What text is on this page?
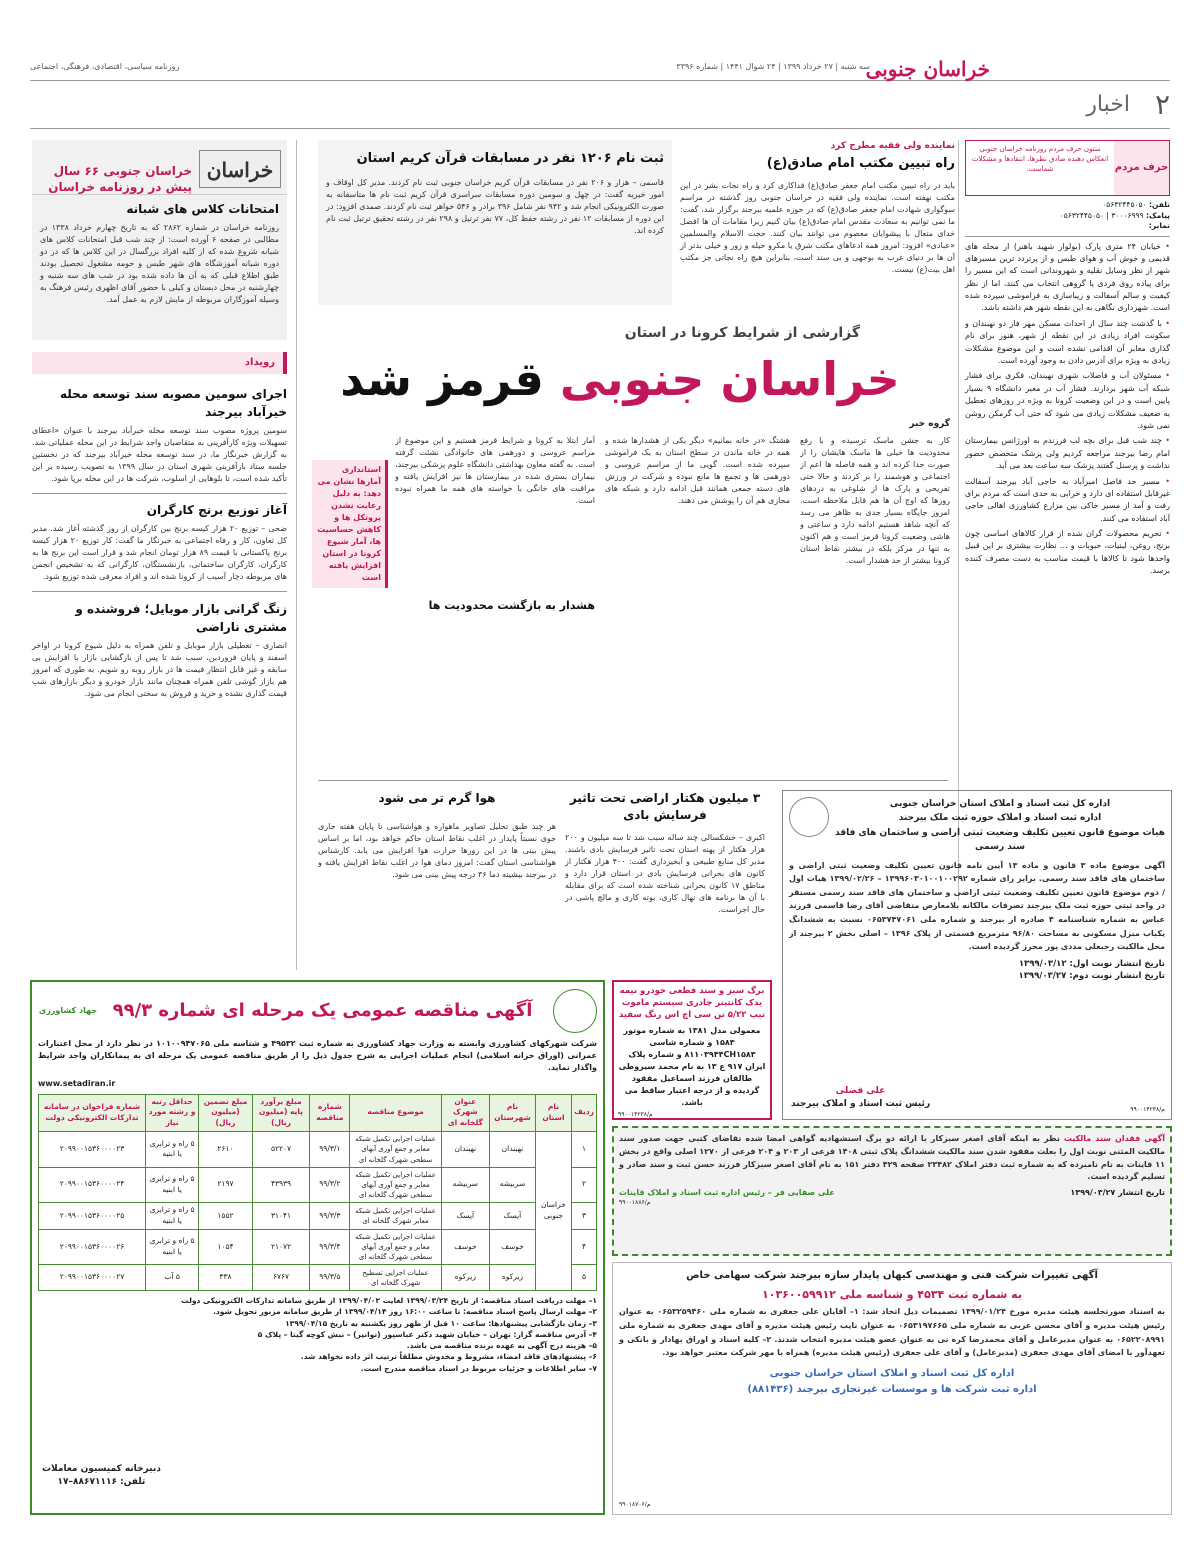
سه شنبه | ۲۷ خرداد ۱۳۹۹ | ۲۴ شوال ۱۴۴۱ | شماره ۳۳۹۶
خراسان جنوبی
روزنامه سیاسی، اقتصادی، فرهنگی، اجتماعی
۲
اخبار
حرف مردم
ستون حرف مردم روزنامه خراسان جنوبی انعکاس دهنده صادق نظرها، انتقادها و مشکلات شماست.
تلفن: ۰۵۶۳۲۴۴۵۰۵۰
پیامک: ۳۰۰۰۶۹۹۹ | ۰۵۶۳۲۴۴۵۰۵۰
نمابر:
• خیابان ۲۴ متری پارک (بولوار شهید باهنر) از محله های قدیمی و خوش آب و هوای طبس و از پرتردد ترین مسیرهای شهر از نظر وسایل نقلیه و شهروندانی است که این مسیر را برای پیاده روی فردی یا گروهی انتخاب می کنند، اما از نظر کیفیت و سالم آسفالت و زیباسازی به فراموشی سپرده شده است. شهرداری نگاهی به این نقطه شهر هم داشته باشد.
• با گذشت چند سال از احداث مسکن مهر فاز دو نهبندان و سکونت افراد زیادی در این نقطه از شهر، هنوز برای نام گذاری معابر آن اقدامی نشده است و این موضوع مشکلات زیادی به ویژه برای آدرس دادن به وجود آورده است.
• مسئولان آب و فاضلاب شهری نهبندان، فکری برای فشار شبکه آب شهر بردارند. فشار آب در معبر دانشگاه ۹ بسیار پایین است و در این وضعیت کرونا به ویژه در روزهای تعطیل به ضعیف مشکلات زیادی می شود که حتی آب گرمکن روشن نمی شود.
• چند شب قبل برای بچه لب فرزندم به اورژانس بیمارستان امام رضا بیرجند مراجعه کردیم ولی پزشک متخصص حضور نداشت و پرسنل گفتند پزشک سه ساعت بعد می آید.
• مسیر حد فاصل امیرآباد به حاجی آباد بیرجند آسفالت غیرقابل استفاده ای دارد و خرابی به حدی است که مردم برای رفت و آمد از مسیر خاکی بین مزارع کشاورزی اهالی حاجی آباد استفاده می کنند.
• تحریم محصولات گران شده از قرار کالاهای اساسی چون برنج، روغن، لبنیات، حبوبات و … نظارت بیشتری بر این قبیل واحدها شود تا کالاها با قیمت مناسب به دست مصرف کننده برسد.
نماینده ولی فقیه مطرح کرد
راه تبیین مکتب امام صادق(ع)
باید در راه تبیین مکتب امام جعفر صادق(ع) فداکاری کرد و راه نجات بشر در این مکتب نهفته است. نماینده ولی فقیه در خراسان جنوبی روز گذشته در مراسم سوگواری شهادت امام جعفر صادق(ع) که در حوزه علمیه بیرجند برگزار شد، گفت: ما نمی توانیم به سعادت مقدس امام صادق(ع) بیان کنیم زیرا مقامات آن ها افضل خدای متعال با پیشوایان معصوم می توانند بیان کنند. حجت الاسلام والمسلمین «عبادی» افزود: امروز همه ادعاهای مکتب شرق یا مکرو حیله و زور و خیلی بدتر از آن ها بر دنیای غرب به بوجهی و بی سند است، بنابراین هیچ راه نجاتی جز مکتب اهل بیت(ع) نیست.
ثبت نام ۱۲۰۶ نفر در مسابقات قرآن کریم استان
قاسمی – هزار و ۲۰۶ نفر در مسابقات قرآن کریم خراسان جنوبی ثبت نام کردند. مدیر کل اوقاف و امور خیریه گفت: در چهل و سومین دوره مسابقات سراسری قرآن کریم ثبت نام ها متاسفانه به صورت الکترونیکی انجام شد و ۹۴۲ نفر شامل ۳۹۶ برادر و ۵۴۶ خواهر ثبت نام کردند. صمدی افزود: در این دوره از مسابقات ۱۲ نفر در رشته حفظ کل، ۷۷ نفر ترتیل و ۲۹۸ نفر در رشته تحقیق ترتیل ثبت نام کرده اند.
خراسان
خراسان جنوبی ۶۶ سال پیش در روزنامه خراسان
امتحانات کلاس های شبانه
روزنامه خراسان در شماره ۲۸۶۲ که به تاریخ چهارم خرداد ۱۳۳۸ در مطالبی در صفحه ۶ آورده است: از چند شب قبل امتحانات کلاس های شبانه شروع شده که از کلیه افراد بزرگسال در این کلاس ها که در دو دوره شبانه آموزشگاه های شهر طبس و حومه مشغول تحصیل بودند طبق اطلاع قبلی که به آن ها داده شده بود در شب های سه شنبه و چهارشنبه در محل دبستان و کیلی با حضور آقای اظهری رئیس فرهنگ به وسیله آموزگاران مربوطه از مایش لازم به عمل آمد.
رویداد
اجرای سومین مصوبه سند توسعه محله خیرآباد بیرجند
سومین پروژه مصوب سند توسعه محله خیرآباد بیرجند با عنوان «اعطای تسهیلات ویژه کارآفرینی به متقاضیان واجد شرایط در این محله عملیاتی شد. به گزارش خبرنگار ما، در سند توسعه محله خیرآباد بیرجند که در نخستین جلسه ستاد بازآفرینی شهری استان در سال ۱۳۹۹ به تصویب رسیده بر این تأکید شده است، تا بلوهایی از اسلوب، شرکت ها در این محله برپا شود.
آغاز توزیع برنج کارگران
ضحی – توزیع ۲۰ هزار کیسه برنج بین کارگران از روز گذشته آغاز شد. مدیر کل تعاون، کار و رفاه اجتماعی به خبرنگار ما گفت: کار توزیع ۲۰ هزار کیسه برنج پاکستانی با قیمت ۸۹ هزار تومان انجام شد و قرار است این برنج ها به کارگران، کارگران ساختمانی، بازنشستگان، کارگرانی که به تشخیص انجمن های مربوطه دچار آسیب از کرونا شده اند و افراد معرفی شده توزیع شود.
زنگ گرانی بازار موبایل؛ فروشنده و مشتری ناراضی
انصاری – تعطیلی بازار موبایل و تلفن همراه به دلیل شیوع کرونا در اواخر اسفند و پایان فروردین، سبب شد تا پس از بازگشایی بازار با افزایش بی سابقه و غیر قابل انتظار قیمت ها در بازار روبه رو شویم. به طوری که امروز هم بازار گوشی تلفن همراه همچنان مانند بازار خودرو و دیگر بازارهای شب قیمت گذاری نشده و خرید و فروش به سختی انجام می شود.
گزارشی از شرایط کرونا در استان
خراسان جنوبی قرمز شد
گروه خبر
کار به جشن ماسک ترسیده و با رفع محدودیت ها خیلی ها ماسک هایشان را از صورت جدا کرده اند و همه فاصله ها اعم از اجتماعی و هوشمند را بر کردند و حالا حتی تفریحی و پارک ها از شلوغی به دردهای روزها که اوج آن ها هم قابل ملاحظه است. امروز جایگاه بسیار جدی به ظاهر می رسد که آنچه شاهد هستیم ادامه دارد و ساعتی و هاشی وضعیت کرونا قرمز است و هم اکنون به تنها در مرکز بلکه در بیشتر نقاط استان کرونا بیشتر از حد هشدار است.
هشتگ «در خانه بمانیم» دیگر یکی از هشدارها شده و همه در خانه ماندن در سطح استان به یک فراموشی سپرده شده است. گویی ما از مراسم عروسی و دورهمی ها و تجمع ها مانع نبوده و شرکت در ورزش های دسته جمعی همانند قبل ادامه دارد و شبکه های مجازی هم آن را پوشش می دهند.
آمار ابتلا به کرونا و شرایط قرمز هستیم و این موضوع از مراسم عروسی و دورهمی های خانوادگی نشئت گرفته است. به گفته معاون بهداشتی دانشگاه علوم پزشکی بیرجند، بیماران بستری شده در بیمارستان ها نیز افزایش یافته و مراقبت های خانگی با خواسته های همه ما همراه نبوده است.
هشدار به بازگشت محدودیت ها
استانداری آمارها نشان می دهد: به دلیل رعایت نشدن پروتکل ها و کاهش حساسیت ها، آمار شیوع کرونا در استان افزایش یافته است
۳ میلیون هکتار اراضی تحت تاثیر فرسایش بادی
اکبری – خشکسالی چند ساله سبب شد تا سه میلیون و ۲۰۰ هزار هکتار از پهنه استان تحت تاثیر فرسایش بادی باشند. مدیر کل منابع طبیعی و آبخیزداری گفت: ۴۰۰ هزار هکتار از کانون های بحرانی فرسایش بادی در استان قرار دارد و مناطق ۱۷ کانون بحرانی شناخته شده است که برای مقابله با آن ها برنامه های نهال کاری، بوته کاری و مالچ پاشی در حال اجراست.
هوا گرم تر می شود
هر چند طبق تحلیل تصاویر ماهواره و هواشناسی تا پایان هفته جاری جوی نسبتاً پایدار در اغلب نقاط استان حاکم خواهد بود، اما بر اساس پیش بینی ها در این روزها حرارت هوا افزایش می یابد. کارشناس هواشناسی استان گفت: امروز دمای هوا در اغلب نقاط افزایش یافته و در بیرجند بیشینه دما ۳۶ درجه پیش بینی می شود.
اداره کل ثبت اسناد و املاک استان خراسان جنوبی
اداره ثبت اسناد و املاک حوزه ثبت ملک بیرجند
هیات موضوع قانون تعیین تکلیف وضعیت ثبتی اراضی و ساختمان های فاقد سند رسمی
آگهی موضوع ماده ۳ قانون و ماده ۱۳ آیین نامه قانون تعیین تکلیف وضعیت ثبتی اراضی و ساختمان های فاقد سند رسمی. برابر رای شماره ۱۳۹۹۶۰۳۰۱۰۰۱۰۰۲۹۲ – ۱۳۹۹/۰۲/۲۶ هیات اول / دوم موضوع قانون تعیین تکلیف وضعیت ثبتی اراضی و ساختمان های فاقد سند رسمی مستقر در واحد ثبتی حوزه ثبت ملک بیرجند تصرفات مالکانه بلامعارض متقاضی آقای رضا قاسمی فرزند عباس به شماره شناسنامه ۴ صادره از بیرجند و شماره ملی ۰۶۵۳۷۴۷۰۶۱ نسبت به ششدانگ یکباب منزل مسکونی به مساحت ۹۶/۸۰ مترمربع قسمتی از پلاک ۱۳۹۶ – اصلی بخش ۲ بیرجند از محل مالکیت رجبعلی مددی پور محرز گردیده است.
تاریخ انتشار نوبت اول: ۱۳۹۹/۰۳/۱۲
تاریخ انتشار نوبت دوم: ۱۳۹۹/۰۳/۲۷
علی فضلی
رئیس ثبت اسناد و املاک بیرجند
م/۹۹۰۰۱۴۲۳۸
برگ سبز و سند قطعی خودرو نیمه یدک کانتینر چادری سیستم ماموت تیپ ۵/۲۲ تن سی اچ اس رنگ سفید
معمولی مدل ۱۳۸۱ به شماره موتور ۱۵۸۳ و شماره شاسی ۸۱۱۰۳۹۴۴CH۱۵۸۳ و شماره پلاک ایران ۹۱۷ ع ۱۳ به نام محمد سیروطی طالقان فرزند اسماعیل مفقود گردیده و از درجه اعتبار ساقط می باشد.
م/۹۹۰۰۱۴۲۳۸
آگهی مناقصه عمومی یک مرحله ای شماره ۹۹/۳
جهاد کشاورزی
شرکت شهرکهای کشاورزی وابسته به وزارت جهاد کشاورزی به شماره ثبت ۴۹۵۳۲ و شناسه ملی ۱۰۱۰۰۹۴۷۰۶۵ در نظر دارد از محل اعتبارات عمرانی (اوراق خزانه اسلامی) انجام عملیات اجرایی به شرح جدول ذیل را از طریق مناقصه عمومی یک مرحله ای به پیمانکاران واجد شرایط واگذار نماید.
www.setadiran.ir
ردیف	نام استان	نام شهرستان	عنوان شهرک گلخانه ای	موضوع مناقصه	شماره مناقصه	مبلغ برآورد پایه (میلیون ریال)	مبلغ تضمین (میلیون ریال)	حداقل رتبه و رشته مورد نیاز	شماره فراخوان در سامانه تدارکات الکترونیکی دولت
۱	خراسان جنوبی	نهبندان	نهبندان	عملیات اجرایی تکمیل شبکه معابر و جمع آوری آبهای سطحی شهرک گلخانه ای	۹۹/۳/۱	۵۲۲۰۷	۲۶۱۰	۵ راه و ترابری یا ابنیه	۲۰۹۹۰۰۱۵۳۶۰۰۰۰۲۳
۲		سربیشه	سربیشه	عملیات اجرایی تکمیل شبکه معابر و جمع آوری آبهای سطحی شهرک گلخانه ای	۹۹/۳/۲	۴۳۹۳۹	۲۱۹۷	۵ راه و ترابری یا ابنیه	۲۰۹۹۰۰۱۵۳۶۰۰۰۰۲۴
۳		آیسک	آیسک	عملیات اجرایی تکمیل شبکه معابر شهرک گلخانه ای	۹۹/۳/۳	۳۱۰۴۱	۱۵۵۲	۵ راه و ترابری یا ابنیه	۲۰۹۹۰۰۱۵۳۶۰۰۰۰۲۵
۴		خوسف	خوسف	عملیات اجرایی تکمیل شبکه معابر و جمع آوری آبهای سطحی شهرک گلخانه ای	۹۹/۳/۴	۲۱۰۷۲	۱۰۵۴	۵ راه و ترابری یا ابنیه	۲۰۹۹۰۰۱۵۳۶۰۰۰۰۲۶
۵		زیرکوه	زیرکوه	عملیات اجرایی تسطیح شهرک گلخانه ای	۹۹/۳/۵	۶۷۶۷	۳۳۸	۵ آب	۲۰۹۹۰۰۱۵۳۶۰۰۰۰۲۷
۱– مهلت دریافت اسناد مناقصه: از تاریخ ۱۳۹۹/۰۳/۲۴ لغایت ۱۳۹۹/۰۴/۰۲ از طریق سامانه تدارکات الکترونیکی دولت
۲– مهلت ارسال پاسخ اسناد مناقصه: تا ساعت ۱۶:۰۰ روز ۱۳۹۹/۰۴/۱۴ از طریق سامانه مزبور تحویل شود.
۳– زمان بازگشایی پیشنهادها: ساعت ۱۰ قبل از ظهر روز یکشنبه به تاریخ ۱۳۹۹/۰۴/۱۵
۴– آدرس مناقصه گزار: تهران – خیابان شهید دکتر عباسپور (توانیر) – نبش کوچه گیتا – پلاک ۵
۵– هزینه درج آگهی به عهده برنده مناقصه می باشد.
۶– پیشنهادهای فاقد امضاء، مشروط و مخدوش مطلقاً ترتیب اثر داده نخواهد شد.
۷– سایر اطلاعات و جزئیات مربوط در اسناد مناقصه مندرج است.
دبیرخانه کمیسیون معاملات
تلفن: ۸۸۶۷۱۱۱۶–۱۷
آگهی فقدان سند مالکیت نظر به اینکه آقای اصغر سبزکار با ارائه دو برگ استشهادیه گواهی امضا شده تقاضای کتبی جهت صدور سند مالکیت المثنی نوبت اول را بعلت مفقود شدن سند مالکیت ششدانگ پلاک ثبتی ۱۴۰۸ فرعی از ۲۰۳ و ۲۰۴ فرعی از ۱۲۷۰ اصلی واقع در بخش ۱۱ قاینات به نام نامبرده که به شماره ثبت دفتر املاک ۲۳۴۸۲ صفحه ۴۲۹ دفتر ۱۵۱ به نام آقای اصغر سبزکار فرزند حسن ثبت و سند صادر و تسلیم گردیده است.
تاریخ انتشار ۱۳۹۹/۰۳/۲۷
علی صفایی فر – رئیس اداره ثبت اسناد و املاک قاینات
م/۹۹۰۰۱۸۸۶
آگهی تغییرات شرکت فنی و مهندسی کیهان پایدار سازه بیرجند شرکت سهامی خاص
به شماره ثبت ۴۵۳۴ و شناسه ملی ۱۰۳۶۰۰۵۹۹۱۲
به استناد صورتجلسه هیئت مدیره مورخ ۱۳۹۹/۰۱/۲۴ تصمیمات ذیل اتخاذ شد: ۱– آقایان علی جعفری به شماره ملی ۰۶۵۳۲۵۹۴۶۰ به عنوان رئیس هیئت مدیره و آقای محسن عربی به شماره ملی ۰۶۵۳۱۹۷۶۶۵ به عنوان نایب رئیس هیئت مدیره و آقای مهدی جعفری به شماره ملی ۰۶۵۲۲۰۸۹۹۱ به عنوان مدیرعامل و آقای محمدرضا کره نی به عنوان عضو هیئت مدیره انتخاب شدند. ۲– کلیه اسناد و اوراق بهادار و بانکی و تعهدآور با امضای آقای مهدی جعفری (مدیرعامل) و آقای علی جعفری (رئیس هیئت مدیره) همراه با مهر شرکت معتبر خواهد بود.
اداره کل ثبت اسناد و املاک استان خراسان جنوبی
اداره ثبت شرکت ها و موسسات غیرتجاری بیرجند (۸۸۱۴۳۶)
م/۹۹۰۱۸۷۰۶
